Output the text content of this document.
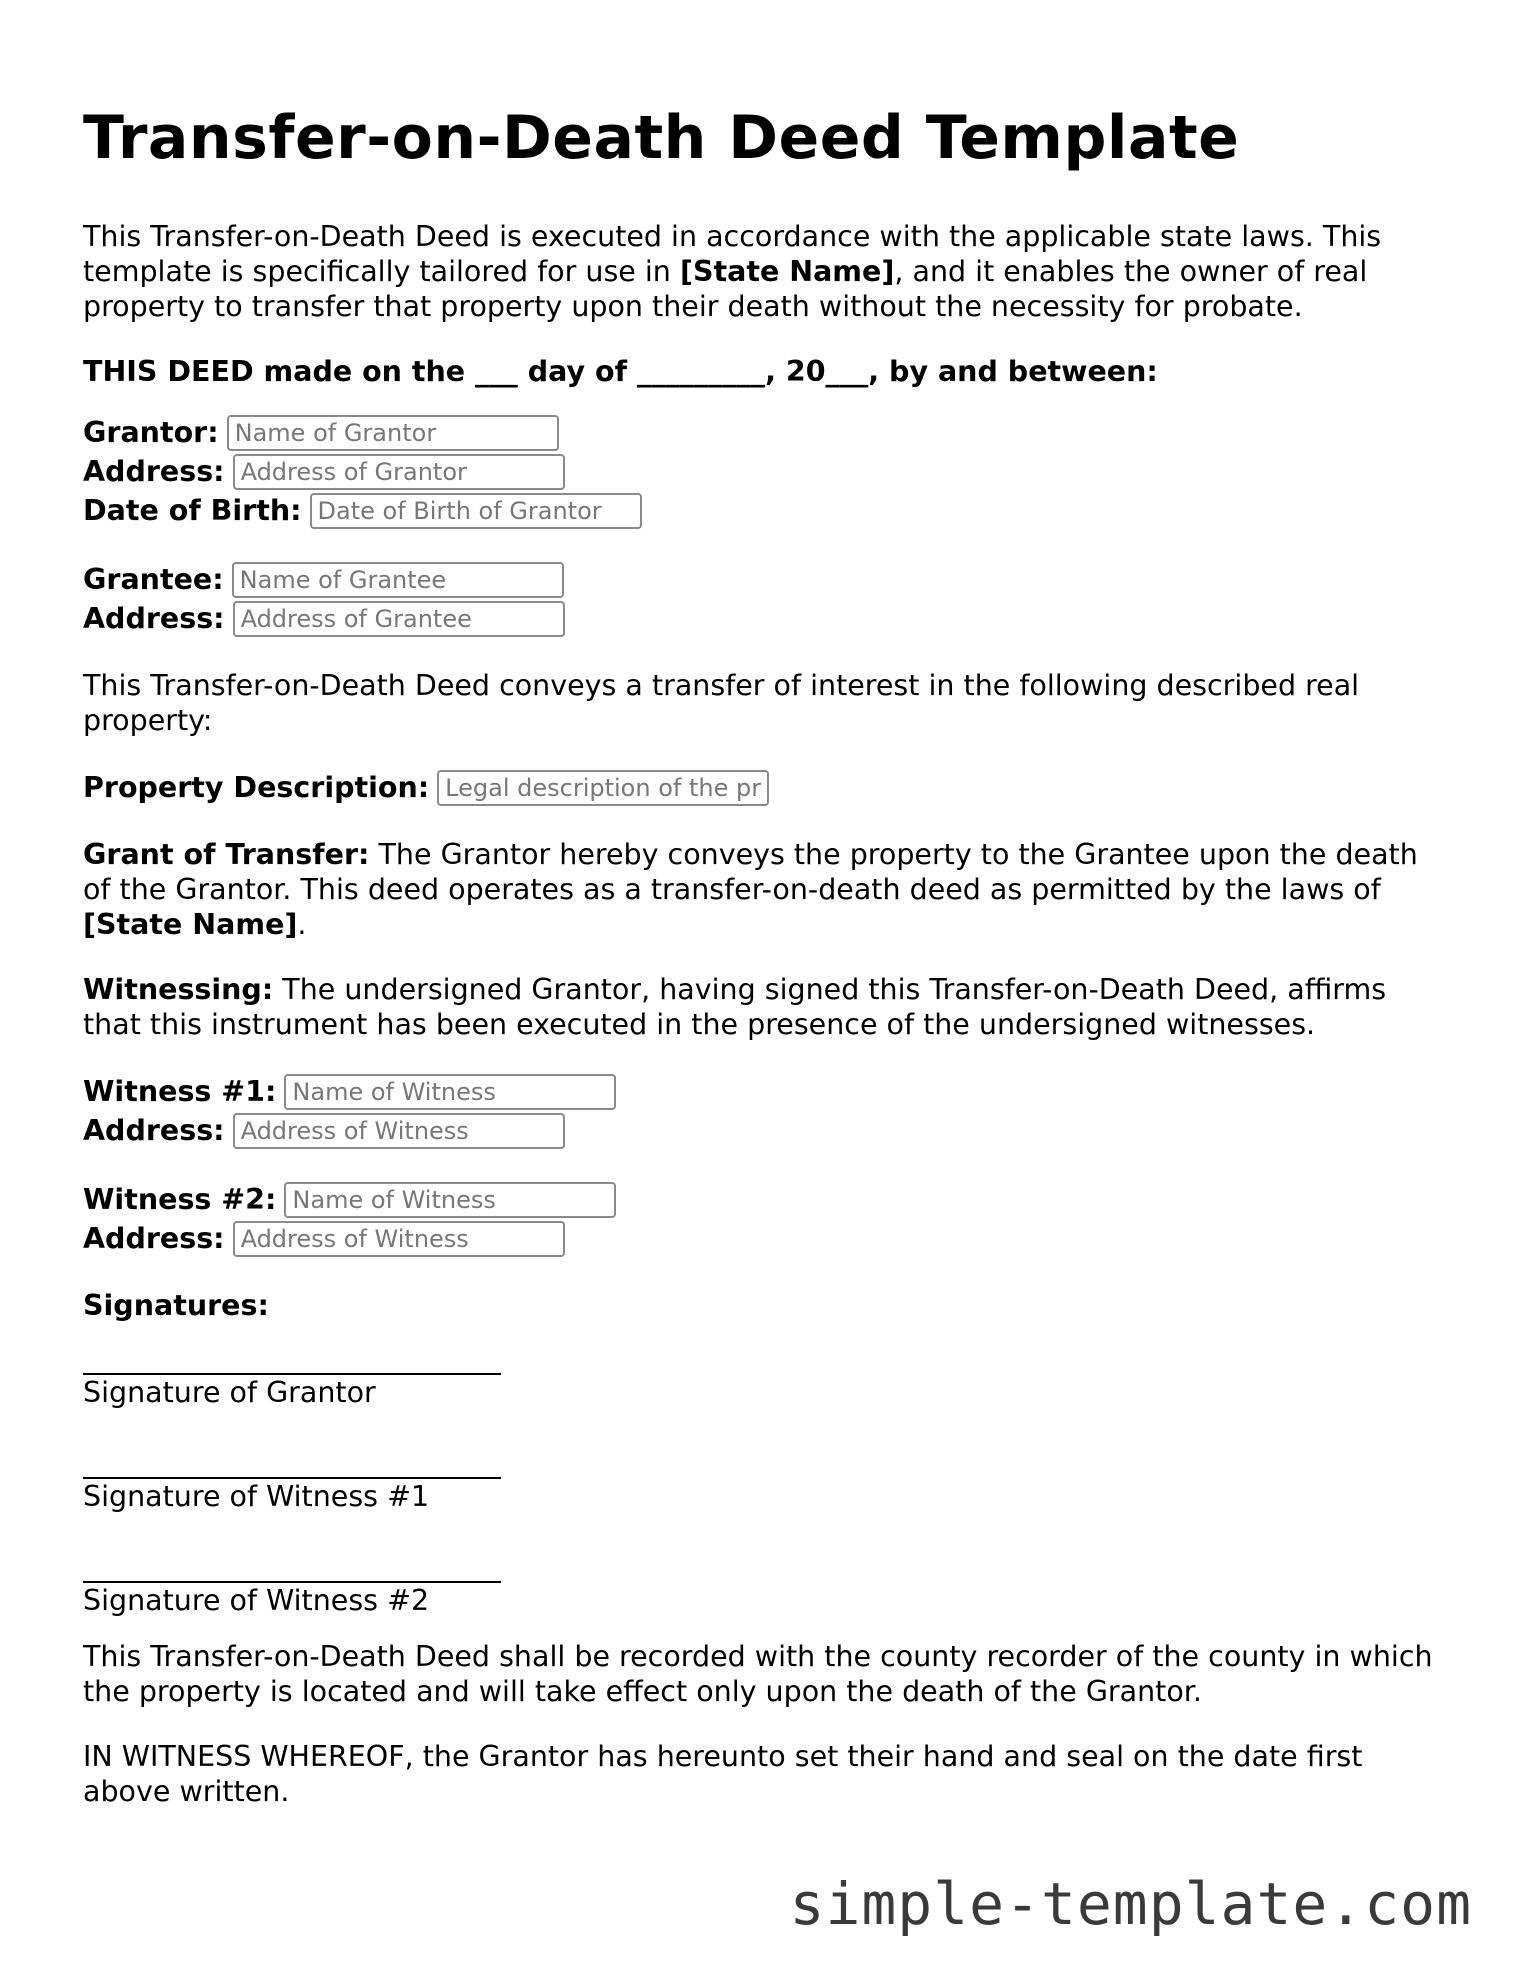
Transfer-on-Death Deed Template

This Transfer-on-Death Deed is executed in accordance with the applicable state laws. This template is specifically tailored for use in [State Name], and it enables the owner of real property to transfer that property upon their death without the necessity for probate.

THIS DEED made on the ___ day of _________, 20___, by and between:

Grantor:
Name of Grantor
Address:
Address of Grantor
Date of Birth:
Date of Birth of Grantor
Grantee:
Name of Grantee
Address:
Address of Grantee

This Transfer-on-Death Deed conveys a transfer of interest in the following described real property:

Property Description:
Legal description of the property

Grant of Transfer: The Grantor hereby conveys the property to the Grantee upon the death of the Grantor. This deed operates as a transfer-on-death deed as permitted by the laws of [State Name].

Witnessing: The undersigned Grantor, having signed this Transfer-on-Death Deed, affirms that this instrument has been executed in the presence of the undersigned witnesses.

Witness #1:
Name of Witness
Address:
Address of Witness
Witness #2:
Name of Witness
Address:
Address of Witness

Signatures:

Signature of Grantor
Signature of Witness #1
Signature of Witness #2

This Transfer-on-Death Deed shall be recorded with the county recorder of the county in which the property is located and will take effect only upon the death of the Grantor.

IN WITNESS WHEREOF, the Grantor has hereunto set their hand and seal on the date first above written.

simple-template.com
